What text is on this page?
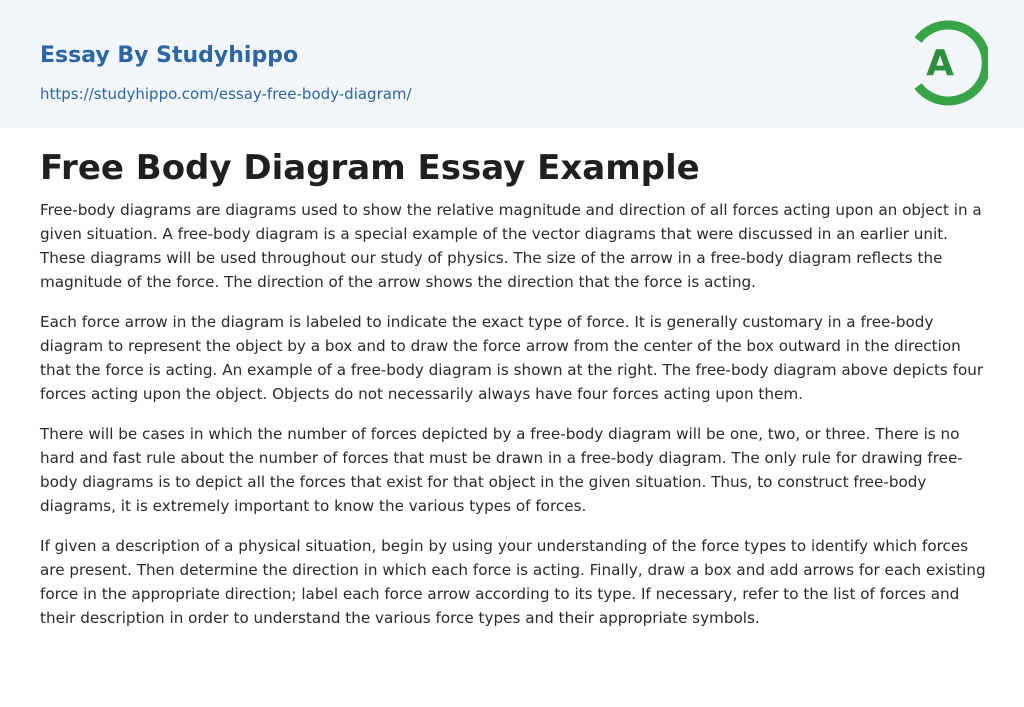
Essay By Studyhippo
https://studyhippo.com/essay-free-body-diagram/
A
Free Body Diagram Essay Example

Free-body diagrams are diagrams used to show the relative magnitude and direction of all forces acting upon an object in a given situation. A free-body diagram is a special example of the vector diagrams that were discussed in an earlier unit. These diagrams will be used throughout our study of physics. The size of the arrow in a free-body diagram reflects the magnitude of the force. The direction of the arrow shows the direction that the force is acting.

Each force arrow in the diagram is labeled to indicate the exact type of force. It is generally customary in a free-body diagram to represent the object by a box and to draw the force arrow from the center of the box outward in the direction that the force is acting. An example of a free-body diagram is shown at the right. The free-body diagram above depicts four forces acting upon the object. Objects do not necessarily always have four forces acting upon them.

There will be cases in which the number of forces depicted by a free-body diagram will be one, two, or three. There is no hard and fast rule about the number of forces that must be drawn in a free-body diagram. The only rule for drawing free-body diagrams is to depict all the forces that exist for that object in the given situation. Thus, to construct free-body diagrams, it is extremely important to know the various types of forces.

If given a description of a physical situation, begin by using your understanding of the force types to identify which forces are present. Then determine the direction in which each force is acting. Finally, draw a box and add arrows for each existing force in the appropriate direction; label each force arrow according to its type. If necessary, refer to the list of forces and their description in order to understand the various force types and their appropriate symbols.
